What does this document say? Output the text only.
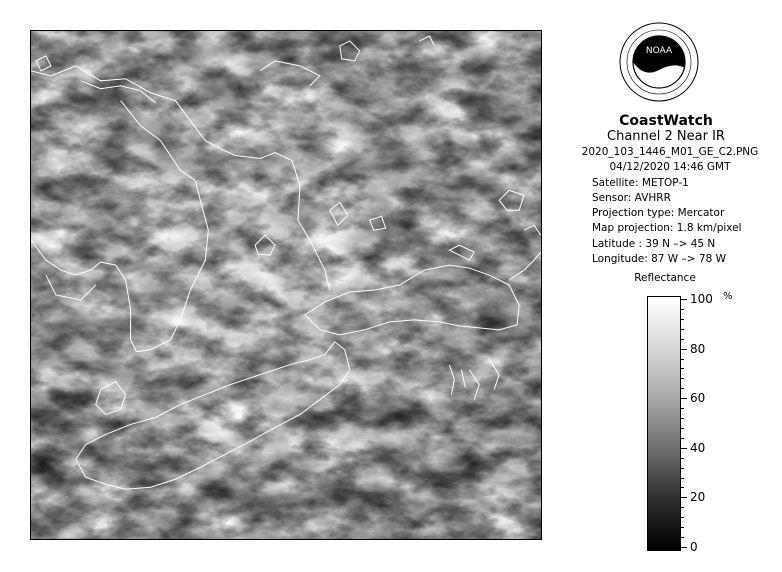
NOAA
CoastWatch
Channel 2 Near IR
2020_103_1446_M01_GE_C2.PNG
04/12/2020 14:46 GMT
Satellite: METOP-1
Sensor: AVHRR
Projection type: Mercator
Map projection: 1.8 km/pixel
Latitude : 39 N –> 45 N
Longitude: 87 W –> 78 W
Reflectance
%
100
80
60
40
20
0
